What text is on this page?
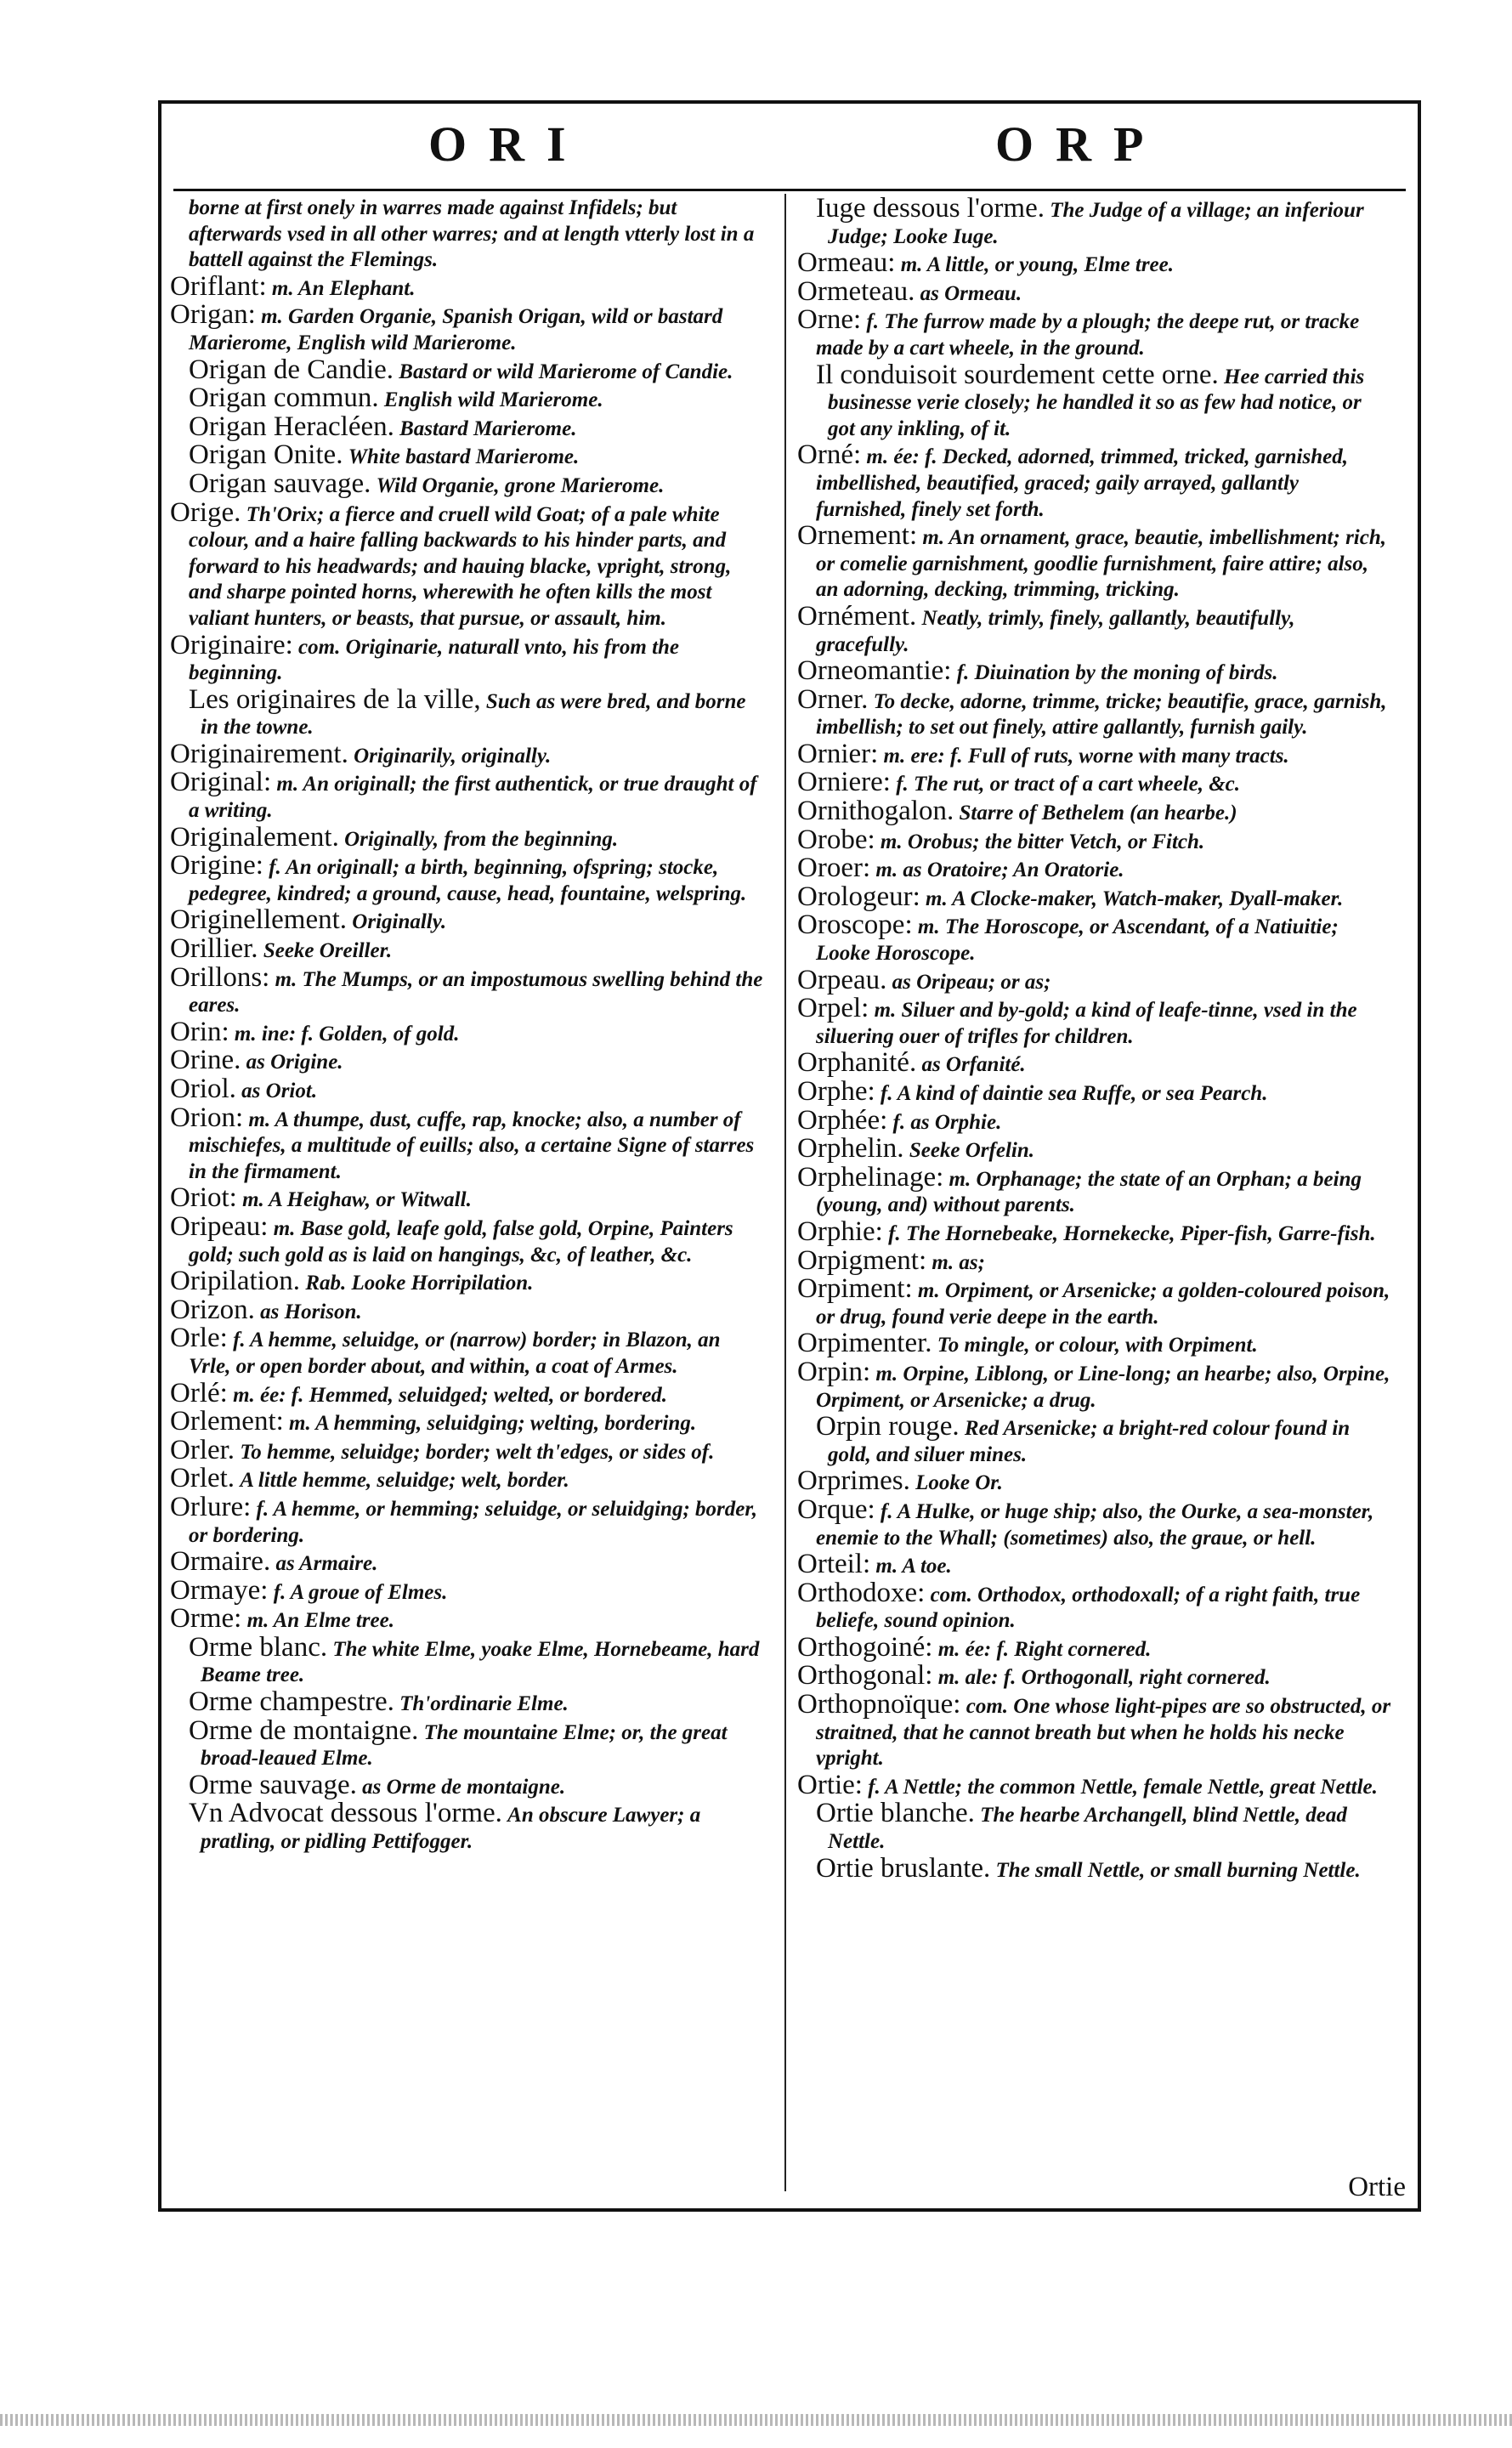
ORI	ORP

borne at first onely in warres made against Infidels; but afterwards vsed in all other warres; and at length vtterly lost in a battell against the Flemings.

Oriflant: m. An Elephant.

Origan: m. Garden Organie, Spanish Origan, wild or bastard Marierome, English wild Marierome.

Origan de Candie. Bastard or wild Marierome of Candie.

Origan commun. English wild Marierome.

Origan Heracléen. Bastard Marierome.

Origan Onite. White bastard Marierome.

Origan sauvage. Wild Organie, grone Marierome.

Orige. Th'Orix; a fierce and cruell wild Goat; of a pale white colour, and a haire falling backwards to his hinder parts, and forward to his headwards; and hauing blacke, vpright, strong, and sharpe pointed horns, wherewith he often kills the most valiant hunters, or beasts, that pursue, or assault, him.

Originaire: com. Originarie, naturall vnto, his from the beginning.

Les originaires de la ville, Such as were bred, and borne in the towne.

Originairement. Originarily, originally.

Original: m. An originall; the first authentick, or true draught of a writing.

Originalement. Originally, from the beginning.

Origine: f. An originall; a birth, beginning, ofspring; stocke, pedegree, kindred; a ground, cause, head, fountaine, welspring.

Originellement. Originally.

Orillier. Seeke Oreiller.

Orillons: m. The Mumps, or an impostumous swelling behind the eares.

Orin: m. ine: f. Golden, of gold.

Orine. as Origine.

Oriol. as Oriot.

Orion: m. A thumpe, dust, cuffe, rap, knocke; also, a number of mischiefes, a multitude of euills; also, a certaine Signe of starres in the firmament.

Oriot: m. A Heighaw, or Witwall.

Oripeau: m. Base gold, leafe gold, false gold, Orpine, Painters gold; such gold as is laid on hangings, &c, of leather, &c.

Oripilation. Rab. Looke Horripilation.

Orizon. as Horison.

Orle: f. A hemme, seluidge, or (narrow) border; in Blazon, an Vrle, or open border about, and within, a coat of Armes.

Orlé: m. ée: f. Hemmed, seluidged; welted, or bordered.

Orlement: m. A hemming, seluidging; welting, bordering.

Orler. To hemme, seluidge; border; welt th'edges, or sides of.

Orlet. A little hemme, seluidge; welt, border.

Orlure: f. A hemme, or hemming; seluidge, or seluidging; border, or bordering.

Ormaire. as Armaire.

Ormaye: f. A groue of Elmes.

Orme: m. An Elme tree.

Orme blanc. The white Elme, yoake Elme, Hornebeame, hard Beame tree.

Orme champestre. Th'ordinarie Elme.

Orme de montaigne. The mountaine Elme; or, the great broad-leaued Elme.

Orme sauvage. as Orme de montaigne.

Vn Advocat dessous l'orme. An obscure Lawyer; a pratling, or pidling Pettifogger.

Iuge dessous l'orme. The Judge of a village; an inferiour Judge; Looke Iuge.

Ormeau: m. A little, or young, Elme tree.

Ormeteau. as Ormeau.

Orne: f. The furrow made by a plough; the deepe rut, or tracke made by a cart wheele, in the ground.

Il conduisoit sourdement cette orne. Hee carried this businesse verie closely; he handled it so as few had notice, or got any inkling, of it.

Orné: m. ée: f. Decked, adorned, trimmed, tricked, garnished, imbellished, beautified, graced; gaily arrayed, gallantly furnished, finely set forth.

Ornement: m. An ornament, grace, beautie, imbellishment; rich, or comelie garnishment, goodlie furnishment, faire attire; also, an adorning, decking, trimming, tricking.

Ornément. Neatly, trimly, finely, gallantly, beautifully, gracefully.

Orneomantie: f. Diuination by the moning of birds.

Orner. To decke, adorne, trimme, tricke; beautifie, grace, garnish, imbellish; to set out finely, attire gallantly, furnish gaily.

Ornier: m. ere: f. Full of ruts, worne with many tracts.

Orniere: f. The rut, or tract of a cart wheele, &c.

Ornithogalon. Starre of Bethelem (an hearbe.)

Orobe: m. Orobus; the bitter Vetch, or Fitch.

Oroer: m. as Oratoire; An Oratorie.

Orologeur: m. A Clocke-maker, Watch-maker, Dyall-maker.

Oroscope: m. The Horoscope, or Ascendant, of a Natiuitie; Looke Horoscope.

Orpeau. as Oripeau; or as;

Orpel: m. Siluer and by-gold; a kind of leafe-tinne, vsed in the siluering ouer of trifles for children.

Orphanité. as Orfanité.

Orphe: f. A kind of daintie sea Ruffe, or sea Pearch.

Orphée: f. as Orphie.

Orphelin. Seeke Orfelin.

Orphelinage: m. Orphanage; the state of an Orphan; a being (young, and) without parents.

Orphie: f. The Hornebeake, Hornekecke, Piper-fish, Garre-fish.

Orpigment: m. as;

Orpiment: m. Orpiment, or Arsenicke; a golden-coloured poison, or drug, found verie deepe in the earth.

Orpimenter. To mingle, or colour, with Orpiment.

Orpin: m. Orpine, Liblong, or Line-long; an hearbe; also, Orpine, Orpiment, or Arsenicke; a drug.

Orpin rouge. Red Arsenicke; a bright-red colour found in gold, and siluer mines.

Orprimes. Looke Or.

Orque: f. A Hulke, or huge ship; also, the Ourke, a sea-monster, enemie to the Whall; (sometimes) also, the graue, or hell.

Orteil: m. A toe.

Orthodoxe: com. Orthodox, orthodoxall; of a right faith, true beliefe, sound opinion.

Orthogoiné: m. ée: f. Right cornered.

Orthogonal: m. ale: f. Orthogonall, right cornered.

Orthopnoïque: com. One whose light-pipes are so obstructed, or straitned, that he cannot breath but when he holds his necke vpright.

Ortie: f. A Nettle; the common Nettle, female Nettle, great Nettle.

Ortie blanche. The hearbe Archangell, blind Nettle, dead Nettle.

Ortie bruslante. The small Nettle, or small burning Nettle.

Ortie
